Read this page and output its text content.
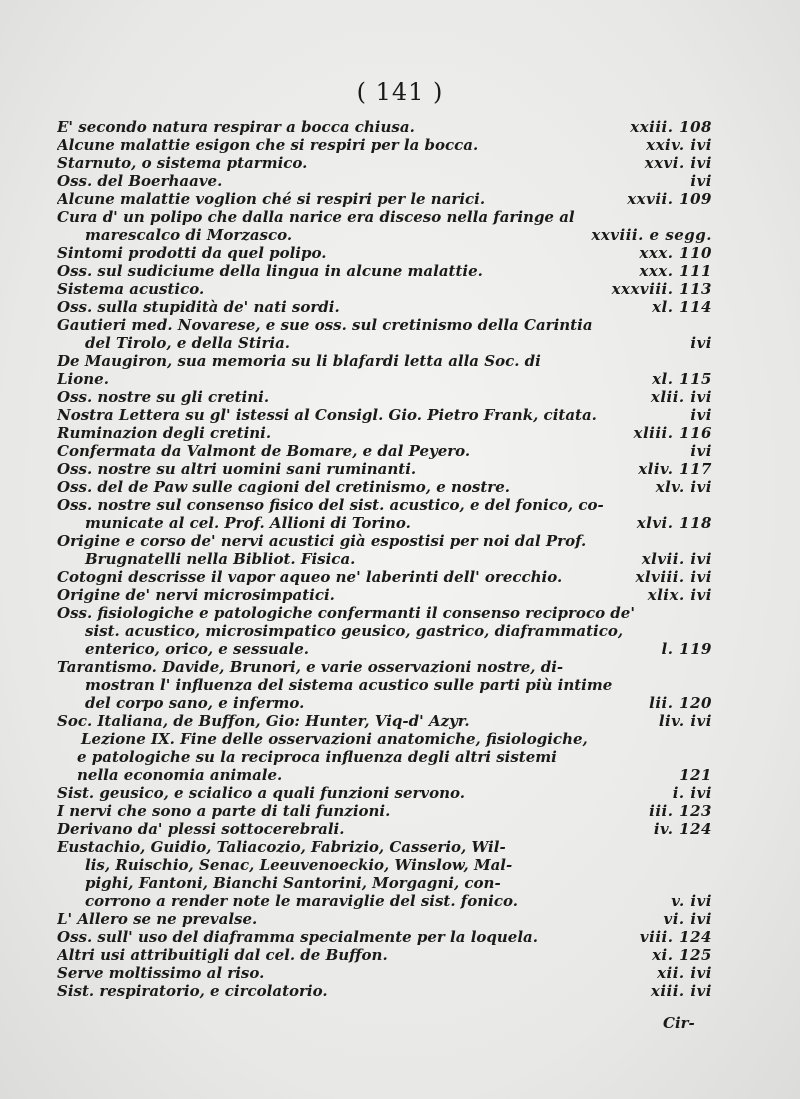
( 141 )
E' secondo natura respirar a bocca chiusa.	xxiii. 108
Alcune malattie esigon che si respiri per la bocca.	xxiv. ivi
Starnuto, o sistema ptarmico.	xxvi. ivi
Oss. del Boerhaave.	ivi
Alcune malattie voglion ché si respiri per le narici.	xxvii. 109
Cura d' un polipo che dalla narice era disceso nella faringe al
marescalco di Morzasco.	xxviii. e segg.
Sintomi prodotti da quel polipo.	xxx. 110
Oss. sul sudiciume della lingua in alcune malattie.	xxx. 111
Sistema acustico.	xxxviii. 113
Oss. sulla stupidità de' nati sordi.	xl. 114
Gautieri med. Novarese, e sue oss. sul cretinismo della Carintia
del Tirolo, e della Stiria.	ivi
De Maugiron, sua memoria su li blafardi letta alla Soc. di
Lione.	xl. 115
Oss. nostre su gli cretini.	xlii. ivi
Nostra Lettera su gl' istessi al Consigl. Gio. Pietro Frank, citata.	ivi
Ruminazion degli cretini.	xliii. 116
Confermata da Valmont de Bomare, e dal Peyero.	ivi
Oss. nostre su altri uomini sani ruminanti.	xliv. 117
Oss. del de Paw sulle cagioni del cretinismo, e nostre.	xlv. ivi
Oss. nostre sul consenso fisico del sist. acustico, e del fonico, co-
municate al cel. Prof. Allioni di Torino.	xlvi. 118
Origine e corso de' nervi acustici già espostisi per noi dal Prof.
Brugnatelli nella Bibliot. Fisica.	xlvii. ivi
Cotogni descrisse il vapor aqueo ne' laberinti dell' orecchio.	xlviii. ivi
Origine de' nervi microsimpatici.	xlix. ivi
Oss. fisiologiche e patologiche confermanti il consenso reciproco de'
sist. acustico, microsimpatico geusico, gastrico, diaframmatico,
enterico, orico, e sessuale.	l. 119
Tarantismo. Davide, Brunori, e varie osservazioni nostre, di-
mostran l' influenza del sistema acustico sulle parti più intime
del corpo sano, e infermo.	lii. 120
Soc. Italiana, de Buffon, Gio: Hunter, Viq-d' Azyr.	liv. ivi
Lezione IX. Fine delle osservazioni anatomiche, fisiologiche,
e patologiche su la reciproca influenza degli altri sistemi
nella economia animale.	121
Sist. geusico, e scialico a quali funzioni servono.	i. ivi
I nervi che sono a parte di tali funzioni.	iii. 123
Derivano da' plessi sottocerebrali.	iv. 124
Eustachio, Guidio, Taliacozio, Fabrizio, Casserio, Wil-
lis, Ruischio, Senac, Leeuvenoeckio, Winslow, Mal-
pighi, Fantoni, Bianchi Santorini, Morgagni, con-
corrono a render note le maraviglie del sist. fonico.	v. ivi
L' Allero se ne prevalse.	vi. ivi
Oss. sull' uso del diaframma specialmente per la loquela.	viii. 124
Altri usi attribuitigli dal cel. de Buffon.	xi. 125
Serve moltissimo al riso.	xii. ivi
Sist. respiratorio, e circolatorio.	xiii. ivi
Cir-
